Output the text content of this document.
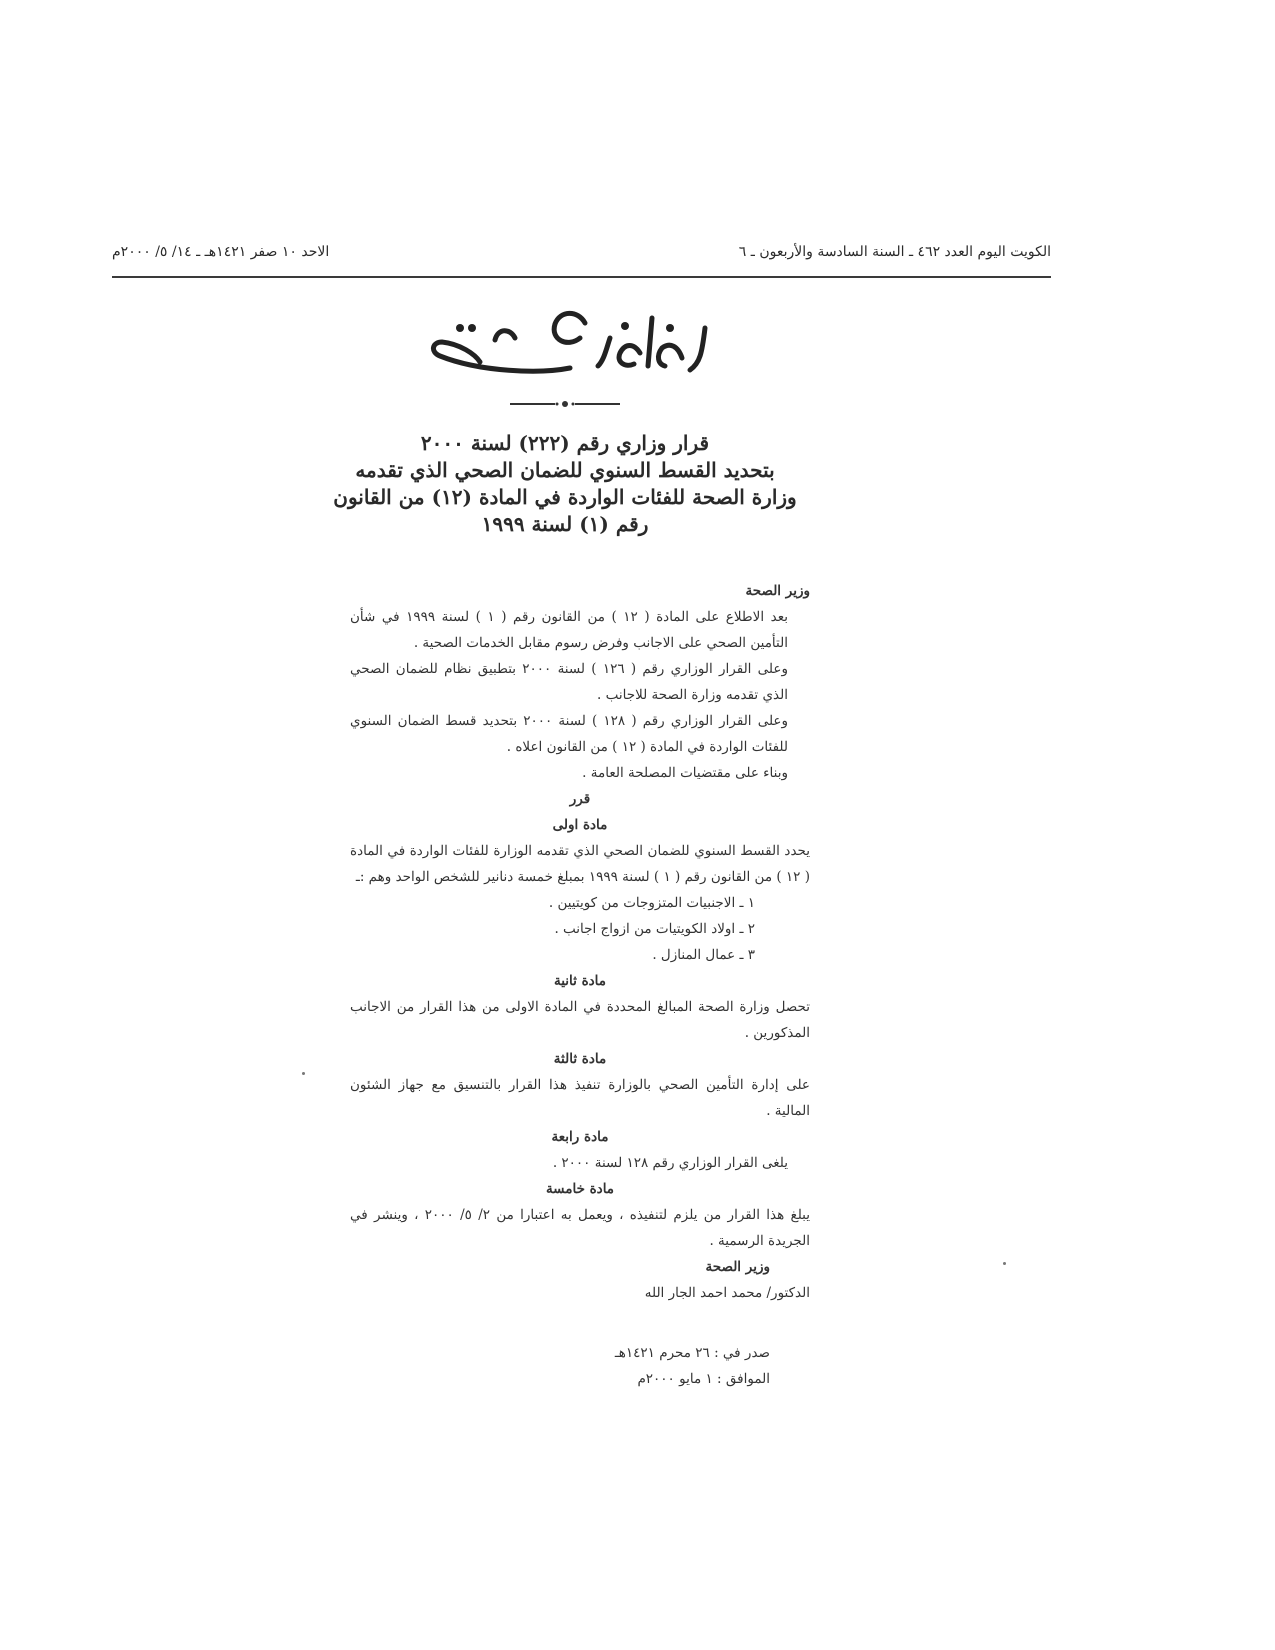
الكويت اليوم العدد ٤٦٢ ـ السنة السادسة والأربعون ـ ٦
الاحد ١٠ صفر ١٤٢١هـ ـ ١٤/ ٥/ ٢٠٠٠م
قرار وزاري رقم (٢٢٢) لسنة ٢٠٠٠
بتحديد القسط السنوي للضمان الصحي الذي تقدمه
وزارة الصحة للفئات الواردة في المادة (١٢) من القانون
رقم (١) لسنة ١٩٩٩
وزير الصحة
بعد الاطلاع على المادة ( ١٢ ) من القانون رقم ( ١ ) لسنة ١٩٩٩ في شأن التأمين الصحي على الاجانب وفرض رسوم مقابل الخدمات الصحية .
وعلى القرار الوزاري رقم ( ١٢٦ ) لسنة ٢٠٠٠ بتطبيق نظام للضمان الصحي الذي تقدمه وزارة الصحة للاجانب .
وعلى القرار الوزاري رقم ( ١٢٨ ) لسنة ٢٠٠٠ بتحديد قسط الضمان السنوي للفئات الواردة في المادة ( ١٢ ) من القانون اعلاه .
وبناء على مقتضيات المصلحة العامة .
قرر
مادة اولى
يحدد القسط السنوي للضمان الصحي الذي تقدمه الوزارة للفئات الواردة في المادة ( ١٢ ) من القانون رقم ( ١ ) لسنة ١٩٩٩ بمبلغ خمسة دنانير للشخص الواحد وهم :ـ
١ ـ الاجنبيات المتزوجات من كويتيين .
٢ ـ اولاد الكويتيات من ازواج اجانب .
٣ ـ عمال المنازل .
مادة ثانية
تحصل وزارة الصحة المبالغ المحددة في المادة الاولى من هذا القرار من الاجانب المذكورين .
مادة ثالثة
على إدارة التأمين الصحي بالوزارة تنفيذ هذا القرار بالتنسيق مع جهاز الشئون المالية .
مادة رابعة
يلغى القرار الوزاري رقم ١٢٨ لسنة ٢٠٠٠ .
مادة خامسة
يبلغ هذا القرار من يلزم لتنفيذه ، ويعمل به اعتبارا من ٢/ ٥/ ٢٠٠٠ ، وينشر في الجريدة الرسمية .
وزير الصحة
الدكتور/ محمد احمد الجار الله
صدر في : ٢٦ محرم ١٤٢١هـ
الموافق : ١ مايو ٢٠٠٠م
